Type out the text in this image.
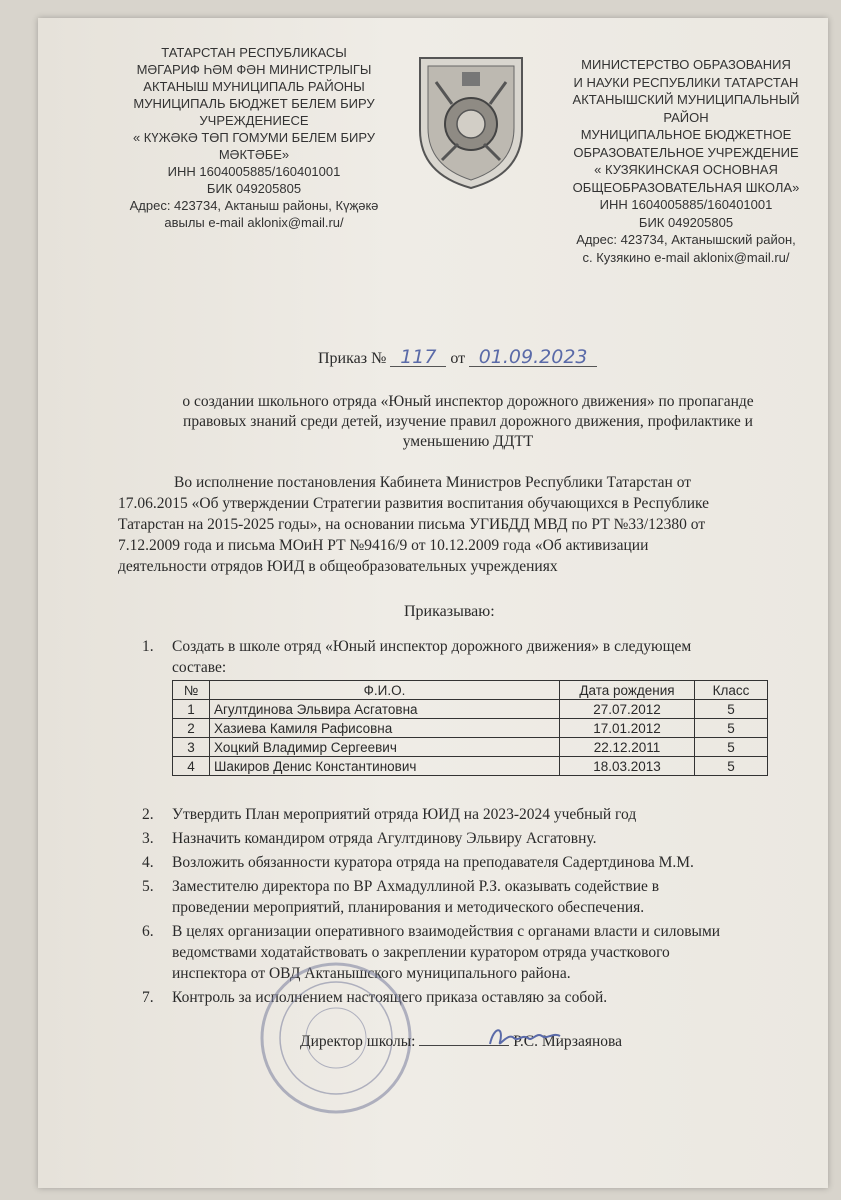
ТАТАРСТАН РЕСПУБЛИКАСЫ
МӘГАРИФ ҺӘМ ФӘН МИНИСТРЛЫГЫ
АКТАНЫШ МУНИЦИПАЛЬ РАЙОНЫ
МУНИЦИПАЛЬ БЮДЖЕТ БЕЛЕМ БИРУ
УЧРЕЖДЕНИЕСЕ
« КҮЖӘКӘ ТӨП ГОМУМИ БЕЛЕМ БИРУ
МӘКТӘБЕ»
ИНН 1604005885/160401001
БИК 049205805
Адрес: 423734, Актаныш районы, Күҗәкә
авылы e-mail aklonix@mail.ru/
МИНИСТЕРСТВО ОБРАЗОВАНИЯ
И НАУКИ РЕСПУБЛИКИ ТАТАРСТАН
АКТАНЫШСКИЙ МУНИЦИПАЛЬНЫЙ
РАЙОН
МУНИЦИПАЛЬНОЕ БЮДЖЕТНОЕ
ОБРАЗОВАТЕЛЬНОЕ УЧРЕЖДЕНИЕ
« КУЗЯКИНСКАЯ ОСНОВНАЯ
ОБЩЕОБРАЗОВАТЕЛЬНАЯ ШКОЛА»
ИНН 1604005885/160401001
БИК 049205805
Адрес: 423734, Актанышский район,
с. Кузякино e-mail aklonix@mail.ru/
Приказ № 117 от 01.09.2023
о создании школьного отряда «Юный инспектор дорожного движения» по пропаганде
правовых знаний среди детей, изучение правил дорожного движения, профилактике и
уменьшению ДДТТ
Во исполнение постановления Кабинета Министров Республики Татарстан от
17.06.2015 «Об утверждении Стратегии развития воспитания обучающихся в Республике
Татарстан на 2015-2025 годы», на основании письма УГИБДД МВД по РТ №33/12380 от
7.12.2009 года и письма МОиН РТ №9416/9 от 10.12.2009 года «Об активизации
деятельности отрядов ЮИД в общеобразовательных учреждениях
Приказываю:
1.	Создать в школе отряд «Юный инспектор дорожного движения» в следующем
составе:
№	Ф.И.О.	Дата рождения	Класс
1	Агултдинова Эльвира Асгатовна	27.07.2012	5
2	Хазиева Камиля Рафисовна	17.01.2012	5
3	Хоцкий Владимир Сергеевич	22.12.2011	5
4	Шакиров Денис Константинович	18.03.2013	5
2.	Утвердить План мероприятий отряда ЮИД на 2023-2024 учебный год
3.	Назначить командиром отряда Агултдинову Эльвиру Асгатовну.
4.	Возложить обязанности куратора отряда на преподавателя Садертдинова М.М.
5.	Заместителю директора по ВР Ахмадуллиной Р.З. оказывать содействие в
проведении мероприятий, планирования и методического обеспечения.
6.	В целях организации оперативного взаимодействия с органами власти и силовыми
ведомствами ходатайствовать о закреплении куратором отряда участкового
инспектора от ОВД Актанышского муниципального района.
7.	Контроль за исполнением настоящего приказа оставляю за собой.
Директор школы:	Р.С. Мирзаянова
